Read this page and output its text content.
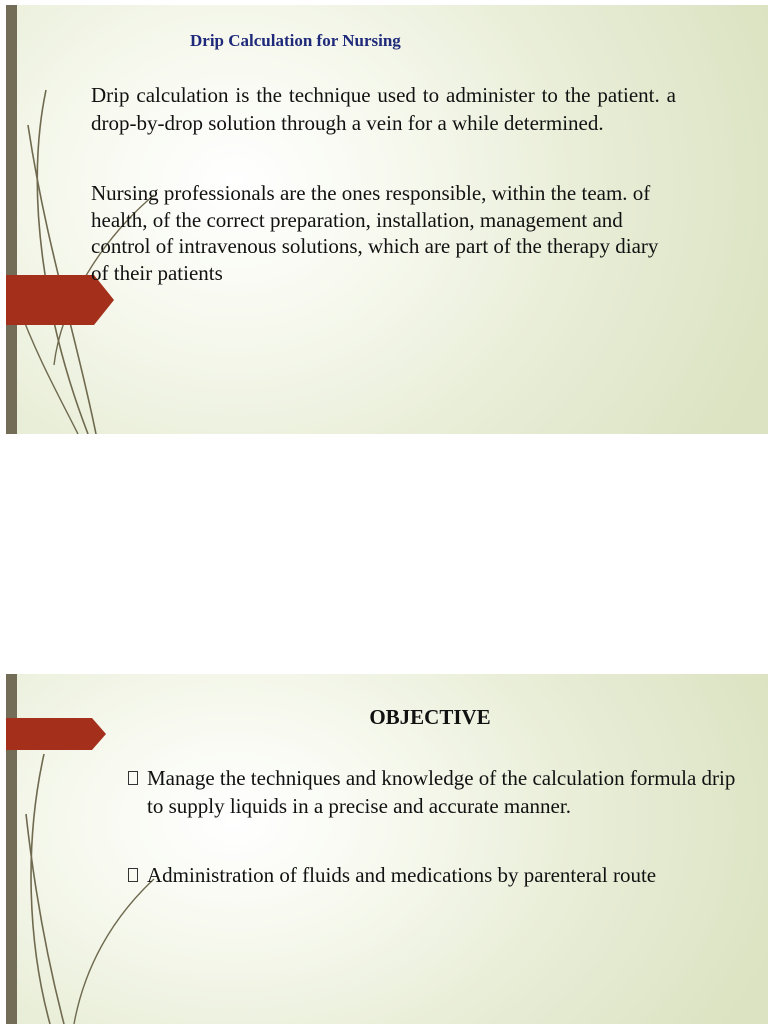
Drip Calculation for Nursing

Drip calculation is the technique used to administer to the patient. a drop-by-drop solution through a vein for a while determined.

Nursing professionals are the ones responsible, within the team. of health, of the correct preparation, installation, management and control of intravenous solutions, which are part of the therapy diary of their patients

OBJECTIVE
Manage the techniques and knowledge of the calculation formula drip to supply liquids in a precise and accurate manner.
Administration of fluids and medications by parenteral route
